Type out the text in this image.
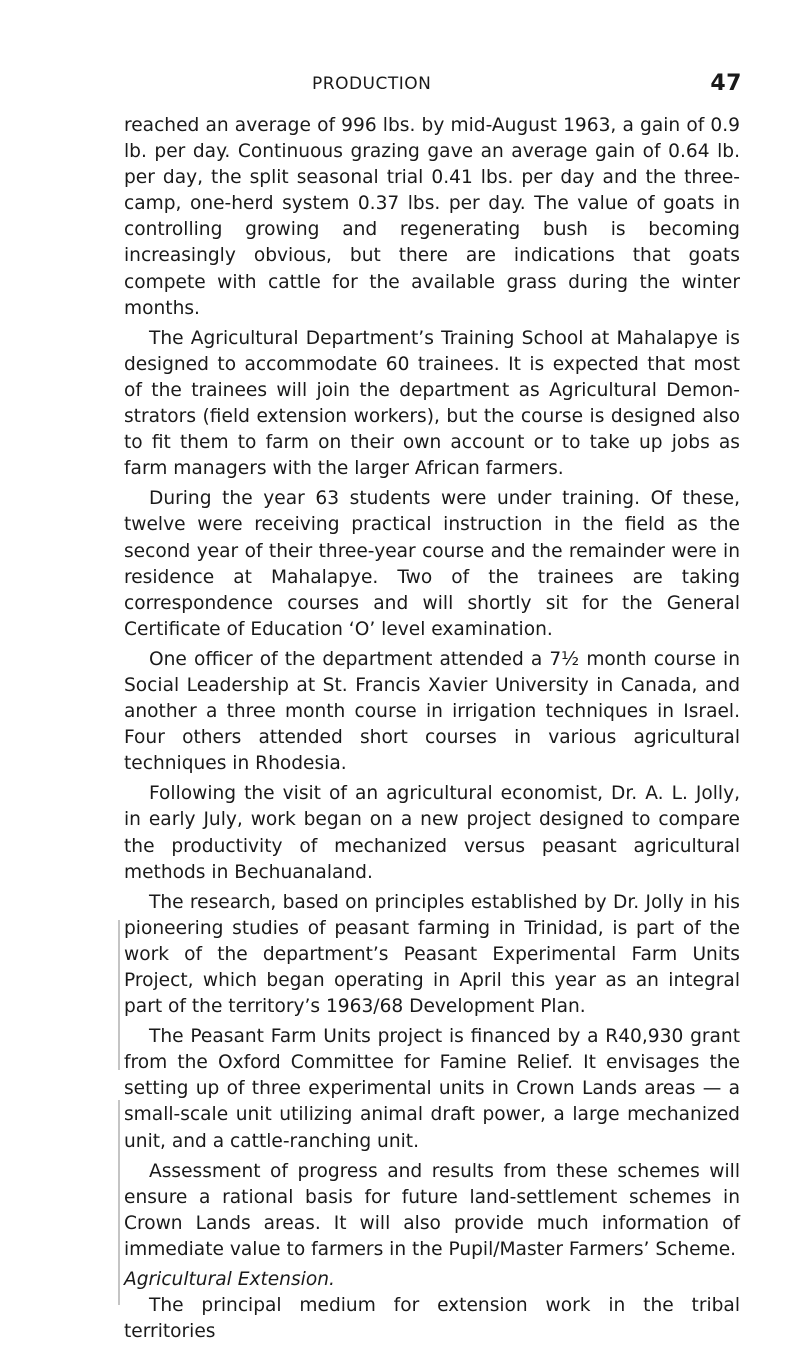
PRODUCTION	47

reached an average of 996 lbs. by mid-August 1963, a gain of 0.9 lb. per day. Continuous grazing gave an average gain of 0.64 lb. per day, the split seasonal trial 0.41 lbs. per day and the three-camp, one-herd system 0.37 lbs. per day. The value of goats in controlling growing and regenerating bush is becoming increasingly obvious, but there are indications that goats compete with cattle for the available grass during the winter months.

The Agricultural Department’s Training School at Mahalapye is designed to accommodate 60 trainees. It is expected that most of the trainees will join the department as Agricultural Demonstrators (field extension workers), but the course is designed also to fit them to farm on their own account or to take up jobs as farm managers with the larger African farmers.

During the year 63 students were under training. Of these, twelve were receiving practical instruction in the field as the second year of their three-year course and the remainder were in residence at Mahalapye. Two of the trainees are taking correspondence courses and will shortly sit for the General Certificate of Education ‘O’ level examination.

One officer of the department attended a 7½ month course in Social Leadership at St. Francis Xavier University in Canada, and another a three month course in irrigation techniques in Israel. Four others attended short courses in various agricultural techniques in Rhodesia.

Following the visit of an agricultural economist, Dr. A. L. Jolly, in early July, work began on a new project designed to compare the productivity of mechanized versus peasant agricultural methods in Bechuanaland.

The research, based on principles established by Dr. Jolly in his pioneering studies of peasant farming in Trinidad, is part of the work of the department’s Peasant Experimental Farm Units Project, which began operating in April this year as an integral part of the territory’s 1963/68 Development Plan.

The Peasant Farm Units project is financed by a R40,930 grant from the Oxford Committee for Famine Relief. It envisages the setting up of three experimental units in Crown Lands areas — a small-scale unit utilizing animal draft power, a large mechanized unit, and a cattle-ranching unit.

Assessment of progress and results from these schemes will ensure a rational basis for future land-settlement schemes in Crown Lands areas. It will also provide much information of immediate value to farmers in the Pupil/Master Farmers’ Scheme.

Agricultural Extension.

The principal medium for extension work in the tribal territories
